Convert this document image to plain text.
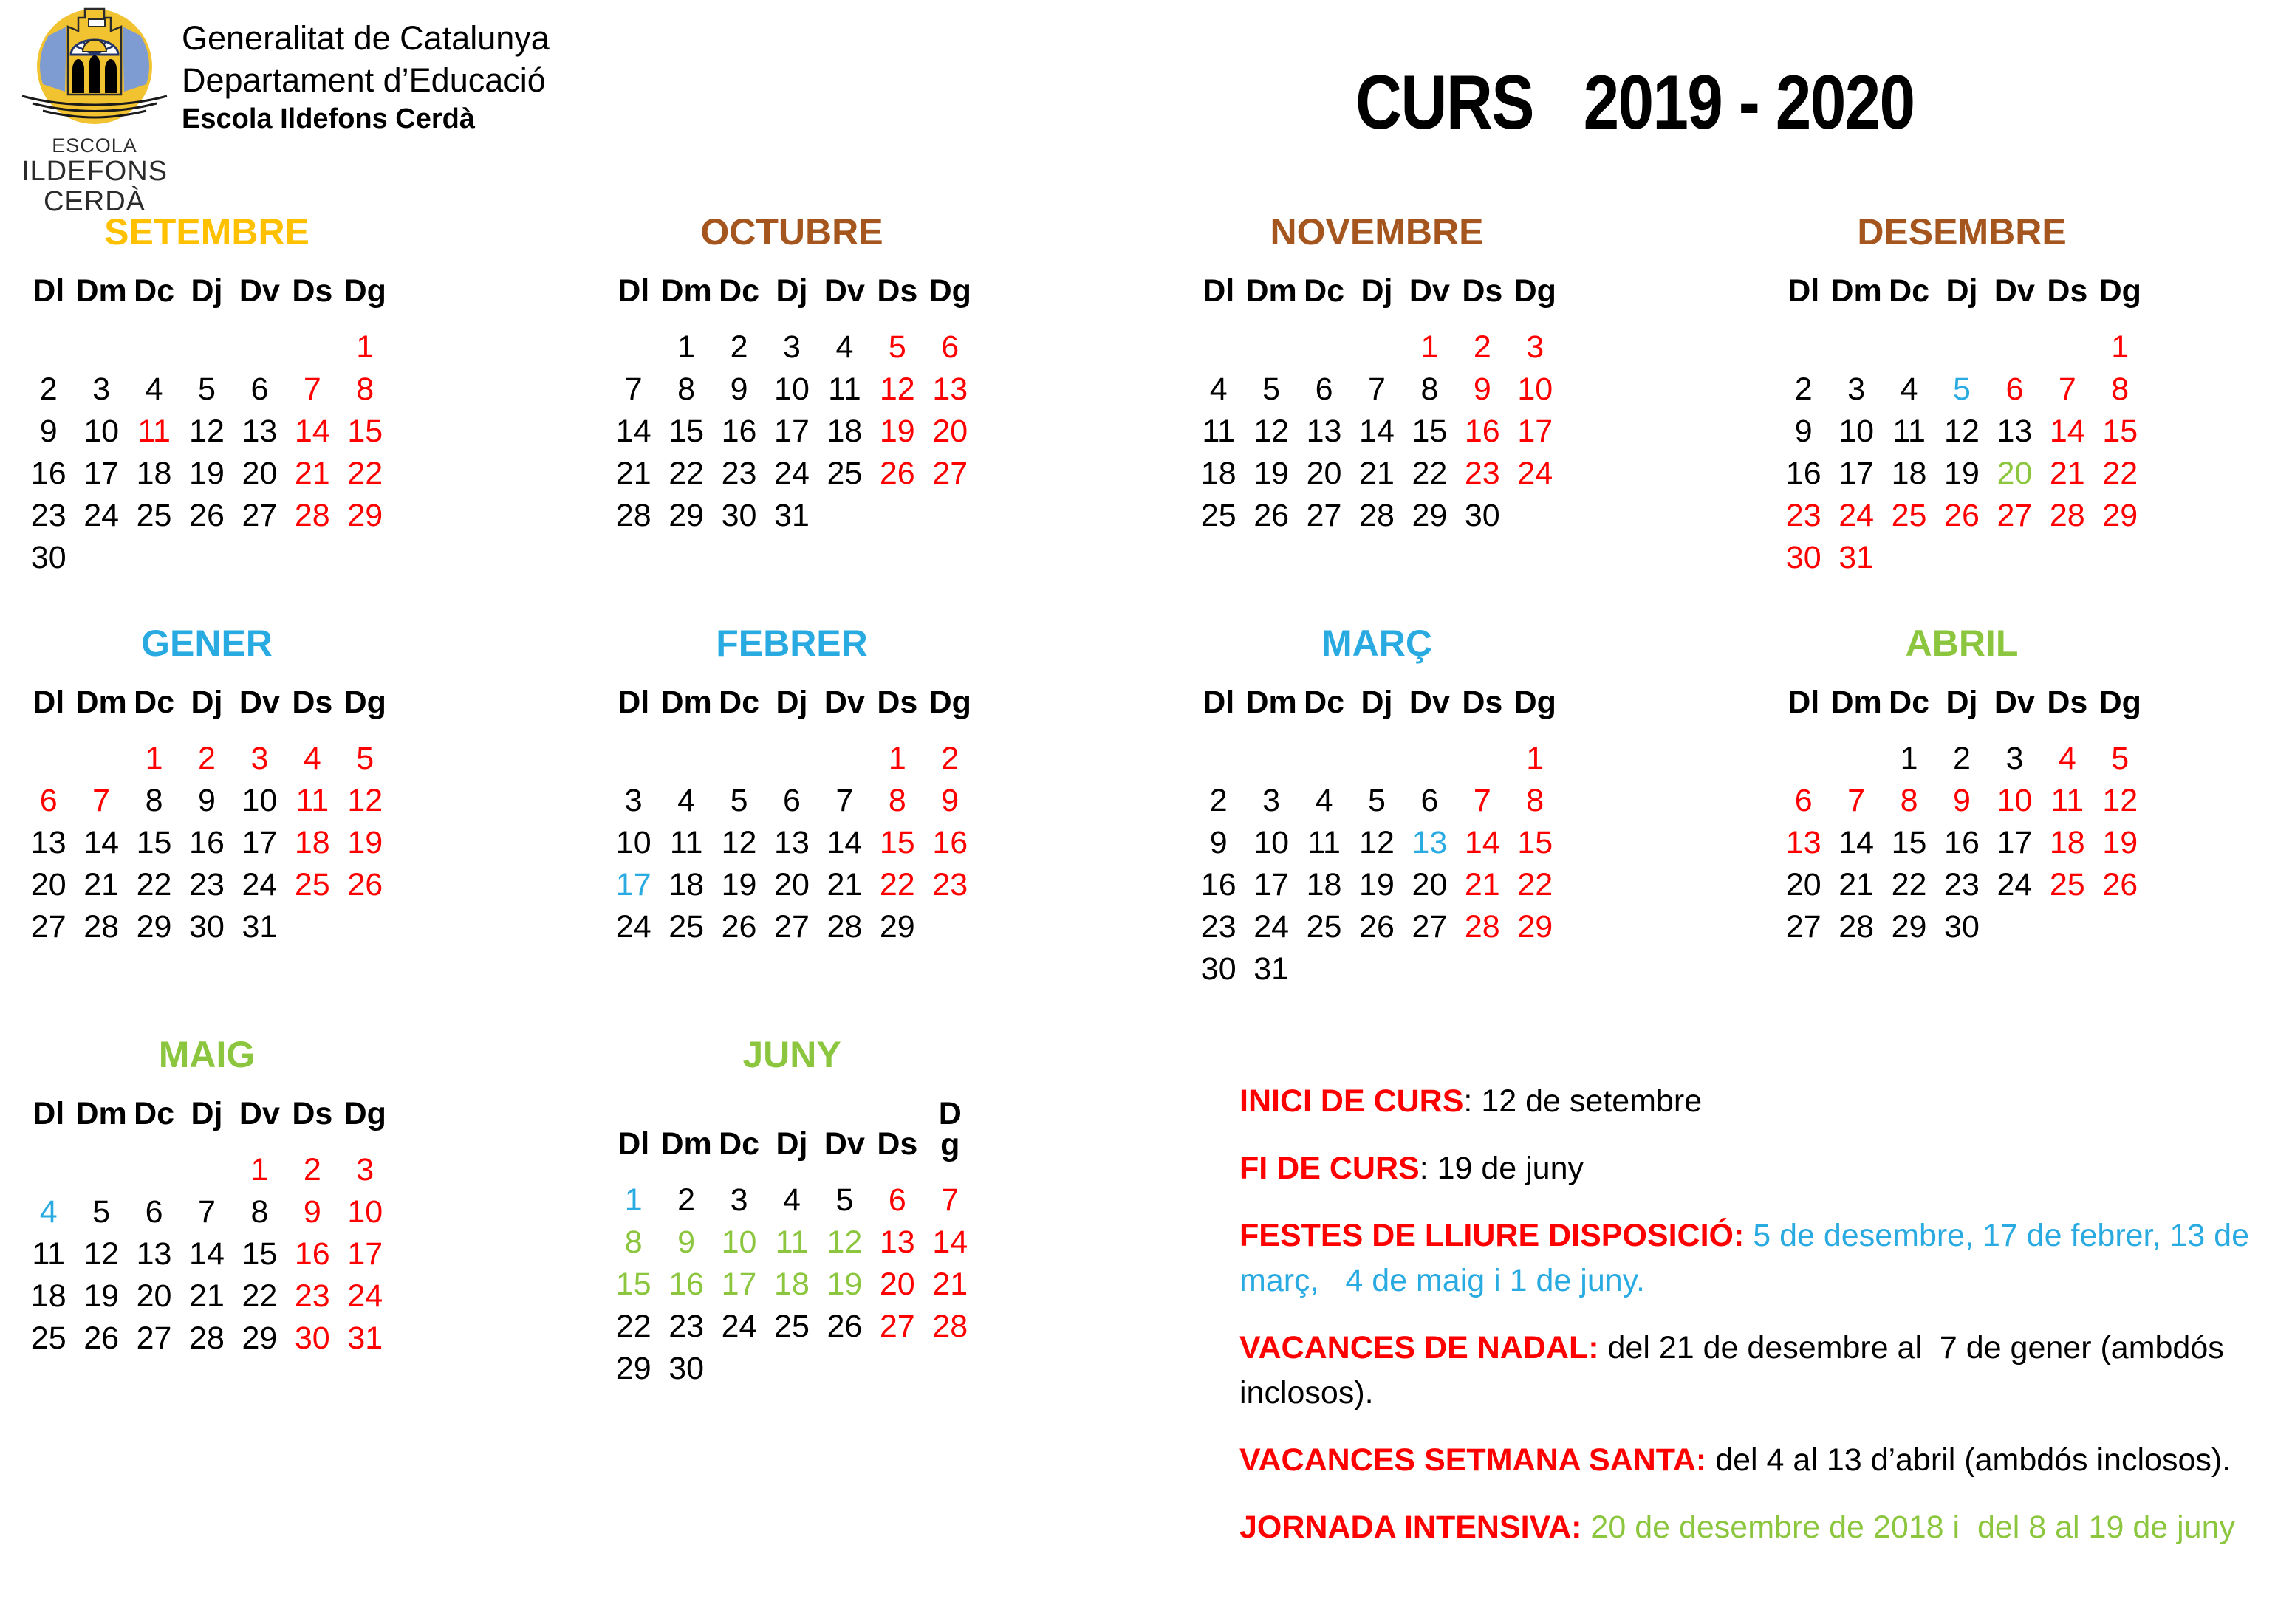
ESCOLA
ILDEFONS
CERDÀ
Generalitat de Catalunya
Departament d’Educació
Escola Ildefons Cerdà	CURS   2019 - 2020
SETEMBRE
Dl	Dm	Dc	Dj	Dv	Ds	Dg
						1
2	3	4	5	6	7	8
9	10	11	12	13	14	15
16	17	18	19	20	21	22
23	24	25	26	27	28	29
30						
OCTUBRE
Dl	Dm	Dc	Dj	Dv	Ds	Dg
	1	2	3	4	5	6
7	8	9	10	11	12	13
14	15	16	17	18	19	20
21	22	23	24	25	26	27
28	29	30	31			
NOVEMBRE
Dl	Dm	Dc	Dj	Dv	Ds	Dg
				1	2	3
4	5	6	7	8	9	10
11	12	13	14	15	16	17
18	19	20	21	22	23	24
25	26	27	28	29	30	
DESEMBRE
Dl	Dm	Dc	Dj	Dv	Ds	Dg
						1
2	3	4	5	6	7	8
9	10	11	12	13	14	15
16	17	18	19	20	21	22
23	24	25	26	27	28	29
30	31					
GENER
Dl	Dm	Dc	Dj	Dv	Ds	Dg
		1	2	3	4	5
6	7	8	9	10	11	12
13	14	15	16	17	18	19
20	21	22	23	24	25	26
27	28	29	30	31		
FEBRER
Dl	Dm	Dc	Dj	Dv	Ds	Dg
					1	2
3	4	5	6	7	8	9
10	11	12	13	14	15	16
17	18	19	20	21	22	23
24	25	26	27	28	29	
MARÇ
Dl	Dm	Dc	Dj	Dv	Ds	Dg
						1
2	3	4	5	6	7	8
9	10	11	12	13	14	15
16	17	18	19	20	21	22
23	24	25	26	27	28	29
30	31					
ABRIL
Dl	Dm	Dc	Dj	Dv	Ds	Dg
		1	2	3	4	5
6	7	8	9	10	11	12
13	14	15	16	17	18	19
20	21	22	23	24	25	26
27	28	29	30			
MAIG
Dl	Dm	Dc	Dj	Dv	Ds	Dg
				1	2	3
4	5	6	7	8	9	10
11	12	13	14	15	16	17
18	19	20	21	22	23	24
25	26	27	28	29	30	31
JUNY
Dl	Dm	Dc	Dj	Dv	Ds	D
g
1	2	3	4	5	6	7
8	9	10	11	12	13	14
15	16	17	18	19	20	21
22	23	24	25	26	27	28
29	30					

INICI DE CURS: 12 de setembre

FI DE CURS: 19 de juny

FESTES DE LLIURE DISPOSICIÓ: 5 de desembre, 17 de febrer, 13 de març,   4 de maig i 1 de juny.

VACANCES DE NADAL: del 21 de desembre al  7 de gener (ambdós inclosos).

VACANCES SETMANA SANTA: del 4 al 13 d’abril (ambdós inclosos).

JORNADA INTENSIVA: 20 de desembre de 2018 i  del 8 al 19 de juny
